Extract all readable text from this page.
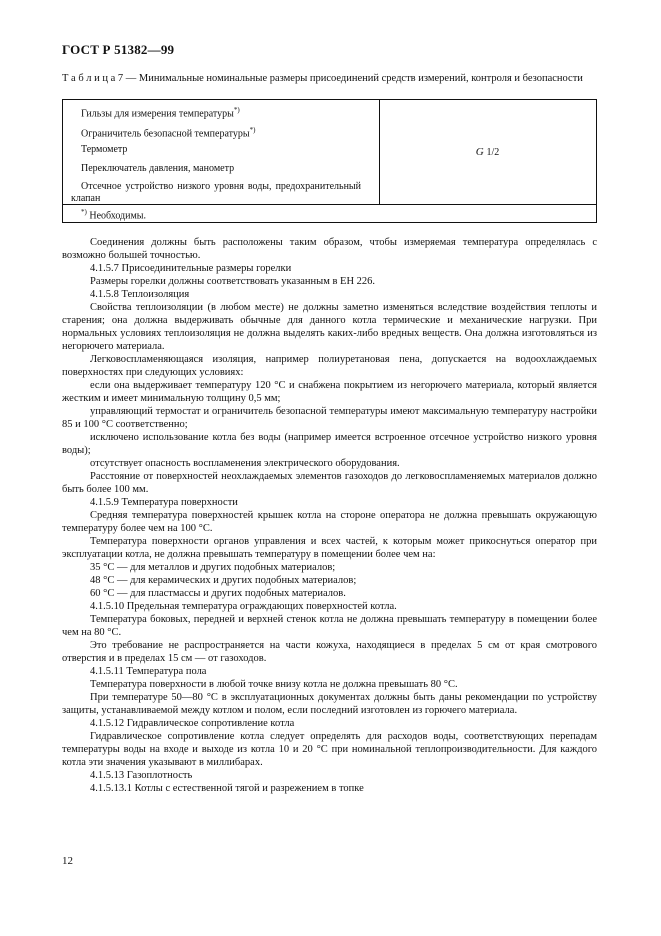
ГОСТ Р 51382—99
Т а б л и ц а 7 — Минимальные номинальные размеры присоединений средств измерений, контроля и безопасности
Гильзы для измерения температуры*)
Ограничитель безопасной температуры*)
Термометр
Переключатель давления, манометр
Отсечное устройство низкого уровня воды, предохранительный клапан
G
1/2
*) Необходимы.

Соединения должны быть расположены таким образом, чтобы измеряемая температура определялась с возможно большей точностью.

4.1.5.7 Присоединительные размеры горелки

Размеры горелки должны соответствовать указанным в ЕН 226.

4.1.5.8 Теплоизоляция

Свойства теплоизоляции (в любом месте) не должны заметно изменяться вследствие воздействия теплоты и старения; она должна выдерживать обычные для данного котла термические и механические нагрузки. При нормальных условиях теплоизоляция не должна выделять каких-либо вредных веществ. Она должна изготовляться из негорючего материала.

Легковоспламеняющаяся изоляция, например полиуретановая пена, допускается на водоохлаждаемых поверхностях при следующих условиях:

если она выдерживает температуру 120 °С и снабжена покрытием из негорючего материала, который является жестким и имеет минимальную толщину 0,5 мм;

управляющий термостат и ограничитель безопасной температуры имеют максимальную температуру настройки 85 и 100 °С соответственно;

исключено использование котла без воды (например имеется встроенное отсечное устройство низкого уровня воды);

отсутствует опасность воспламенения электрического оборудования.

Расстояние от поверхностей неохлаждаемых элементов газоходов до легковоспламеняемых материалов должно быть более 100 мм.

4.1.5.9 Температура поверхности

Средняя температура поверхностей крышек котла на стороне оператора не должна превышать окружающую температуру более чем на 100 °С.

Температура поверхности органов управления и всех частей, к которым может прикоснуться оператор при эксплуатации котла, не должна превышать температуру в помещении более чем на:

35 °С — для металлов и других подобных материалов;

48 °С — для керамических и других подобных материалов;

60 °С — для пластмассы и других подобных материалов.

4.1.5.10 Предельная температура ограждающих поверхностей котла.

Температура боковых, передней и верхней стенок котла не должна превышать температуру в помещении более чем на 80 °С.

Это требование не распространяется на части кожуха, находящиеся в пределах 5 см от края смотрового отверстия и в пределах 15 см — от газоходов.

4.1.5.11 Температура пола

Температура поверхности в любой точке внизу котла не должна превышать 80 °С.

При температуре 50—80 °С в эксплуатационных документах должны быть даны рекомендации по устройству защиты, устанавливаемой между котлом и полом, если последний изготовлен из горючего материала.

4.1.5.12 Гидравлическое сопротивление котла

Гидравлическое сопротивление котла следует определять для расходов воды, соответствующих перепадам температуры воды на входе и выходе из котла 10 и 20 °С при номинальной теплопроизводительности. Для каждого котла эти значения указывают в миллибарах.

4.1.5.13 Газоплотность

4.1.5.13.1 Котлы с естественной тягой и разрежением в топке

12
